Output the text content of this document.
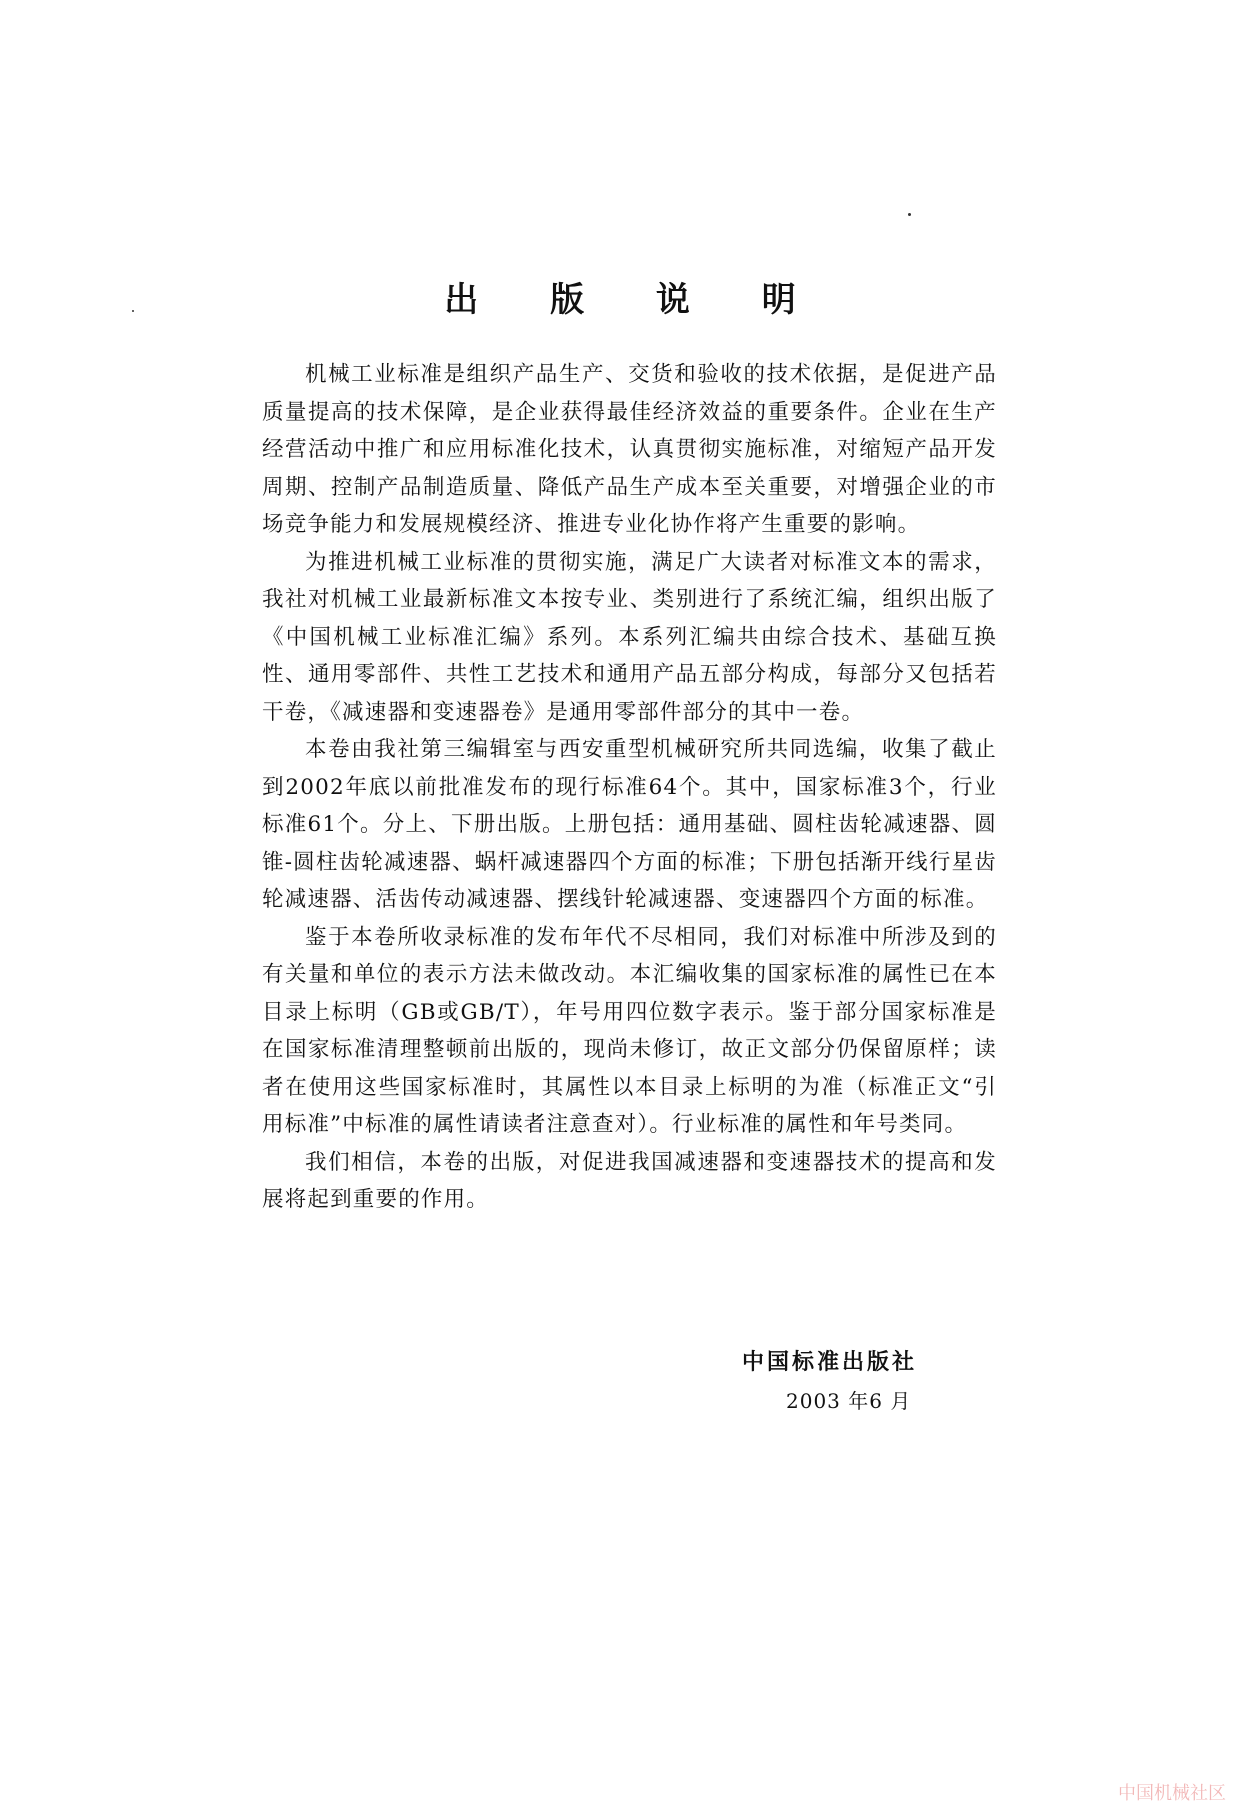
出 版 说 明

机械工业标准是组织产品生产、交货和验收的技术依据，是促进产品质量提高的技术保障，是企业获得最佳经济效益的重要条件。企业在生产经营活动中推广和应用标准化技术，认真贯彻实施标准，对缩短产品开发周期、控制产品制造质量、降低产品生产成本至关重要，对增强企业的市场竞争能力和发展规模经济、推进专业化协作将产生重要的影响。

为推进机械工业标准的贯彻实施，满足广大读者对标准文本的需求，我社对机械工业最新标准文本按专业、类别进行了系统汇编，组织出版了《中国机械工业标准汇编》系列。本系列汇编共由综合技术、基础互换性、通用零部件、共性工艺技术和通用产品五部分构成，每部分又包括若干卷，《减速器和变速器卷》是通用零部件部分的其中一卷。

本卷由我社第三编辑室与西安重型机械研究所共同选编，收集了截止到2002年底以前批准发布的现行标准64个。其中，国家标准3个，行业标准61个。分上、下册出版。上册包括：通用基础、圆柱齿轮减速器、圆锥-圆柱齿轮减速器、蜗杆减速器四个方面的标准；下册包括渐开线行星齿轮减速器、活齿传动减速器、摆线针轮减速器、变速器四个方面的标准。

鉴于本卷所收录标准的发布年代不尽相同，我们对标准中所涉及到的有关量和单位的表示方法未做改动。本汇编收集的国家标准的属性已在本目录上标明（GB或GB/T），年号用四位数字表示。鉴于部分国家标准是在国家标准清理整顿前出版的，现尚未修订，故正文部分仍保留原样；读者在使用这些国家标准时，其属性以本目录上标明的为准（标准正文“引用标准”中标准的属性请读者注意查对）。行业标准的属性和年号类同。

我们相信，本卷的出版，对促进我国减速器和变速器技术的提高和发展将起到重要的作用。

中国标准出版社
2003 年6 月
中国机械社区
